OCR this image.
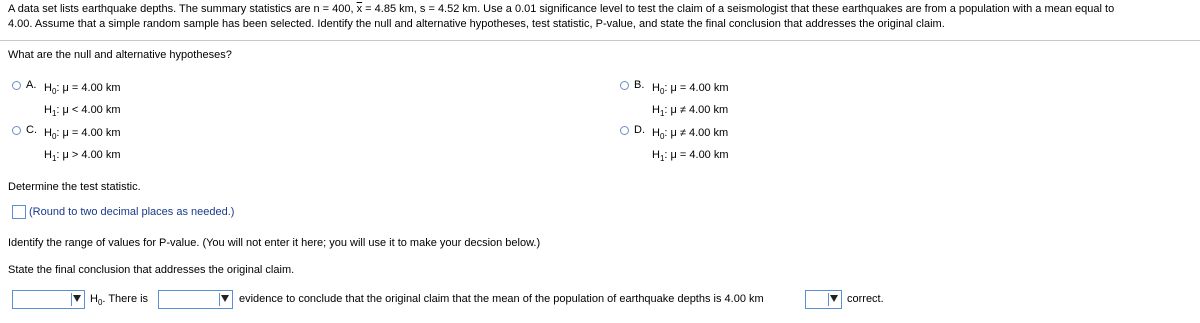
A data set lists earthquake depths. The summary statistics are n = 400, $\overline{x} = 4.85$ km, s = 4.52 km. Use a 0.01 significance level to test the claim of a seismologist that these earthquakes are from a population with a mean equal to
4.00. Assume that a simple random sample has been selected. Identify the null and alternative hypotheses, test statistic, P-value, and state the final conclusion that addresses the original claim.
What are the null and alternative hypotheses?
A. $H_0$: μ = 4.00 km
$H_1$: μ < 4.00 km
B. $H_0$: μ = 4.00 km
$H_1$: μ ≠ 4.00 km
C. $H_0$: μ = 4.00 km
$H_1$: μ > 4.00 km
D. $H_0$: μ ≠ 4.00 km
$H_1$: μ = 4.00 km
Determine the test statistic.
(Round to two decimal places as needed.)
Identify the range of values for P-value. (You will not enter it here; you will use it to make your decsion below.)
State the final conclusion that addresses the original claim.
$H_0$. There is	evidence to conclude that the original claim that the mean of the population of earthquake depths is 4.00 km	correct.
